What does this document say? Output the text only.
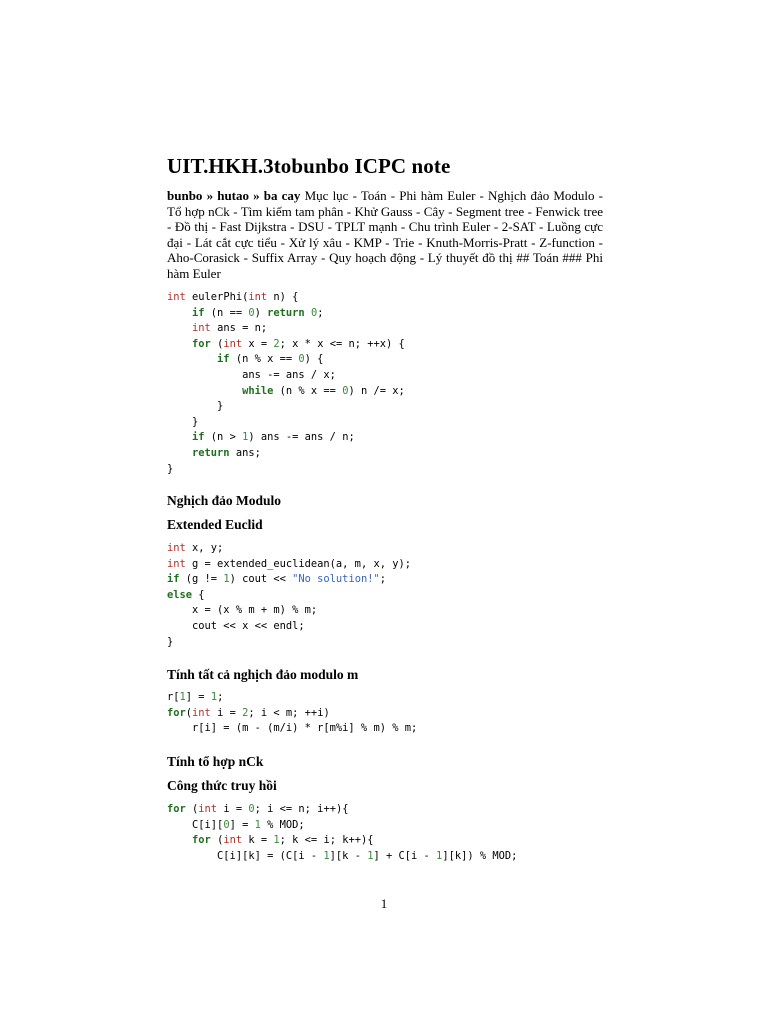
UIT.HKH.3tobunbo ICPC note

bunbo » hutao » ba cay Mục lục - Toán - Phi hàm Euler - Nghịch đảo Modulo - Tổ hợp nCk - Tìm kiếm tam phân - Khử Gauss - Cây - Segment tree - Fenwick tree - Đồ thị - Fast Dijkstra - DSU - TPLT mạnh - Chu trình Euler - 2-SAT - Luồng cực đại - Lát cắt cực tiểu - Xử lý xâu - KMP - Trie - Knuth-Morris-Pratt - Z-function - Aho-Corasick - Suffix Array - Quy hoạch động - Lý thuyết đồ thị ## Toán ### Phi hàm Euler

int eulerPhi(int n) {
if (n == 0) return 0;
int ans = n;
for (int x = 2; x * x <= n; ++x) {
if (n % x == 0) {
ans -= ans / x;
while (n % x == 0) n /= x;
}
}
if (n > 1) ans -= ans / n;
return ans;
}
Nghịch đảo Modulo
Extended Euclid
int x, y;
int g = extended_euclidean(a, m, x, y);
if (g != 1) cout << "No solution!";
else {
x = (x % m + m) % m;
cout << x << endl;
}
Tính tất cả nghịch đảo modulo m
r[1] = 1;
for(int i = 2; i < m; ++i)
r[i] = (m - (m/i) * r[m%i] % m) % m;
Tính tổ hợp nCk
Công thức truy hồi
for (int i = 0; i <= n; i++){
C[i][0] = 1 % MOD;
for (int k = 1; k <= i; k++){
C[i][k] = (C[i - 1][k - 1] + C[i - 1][k]) % MOD;
1
